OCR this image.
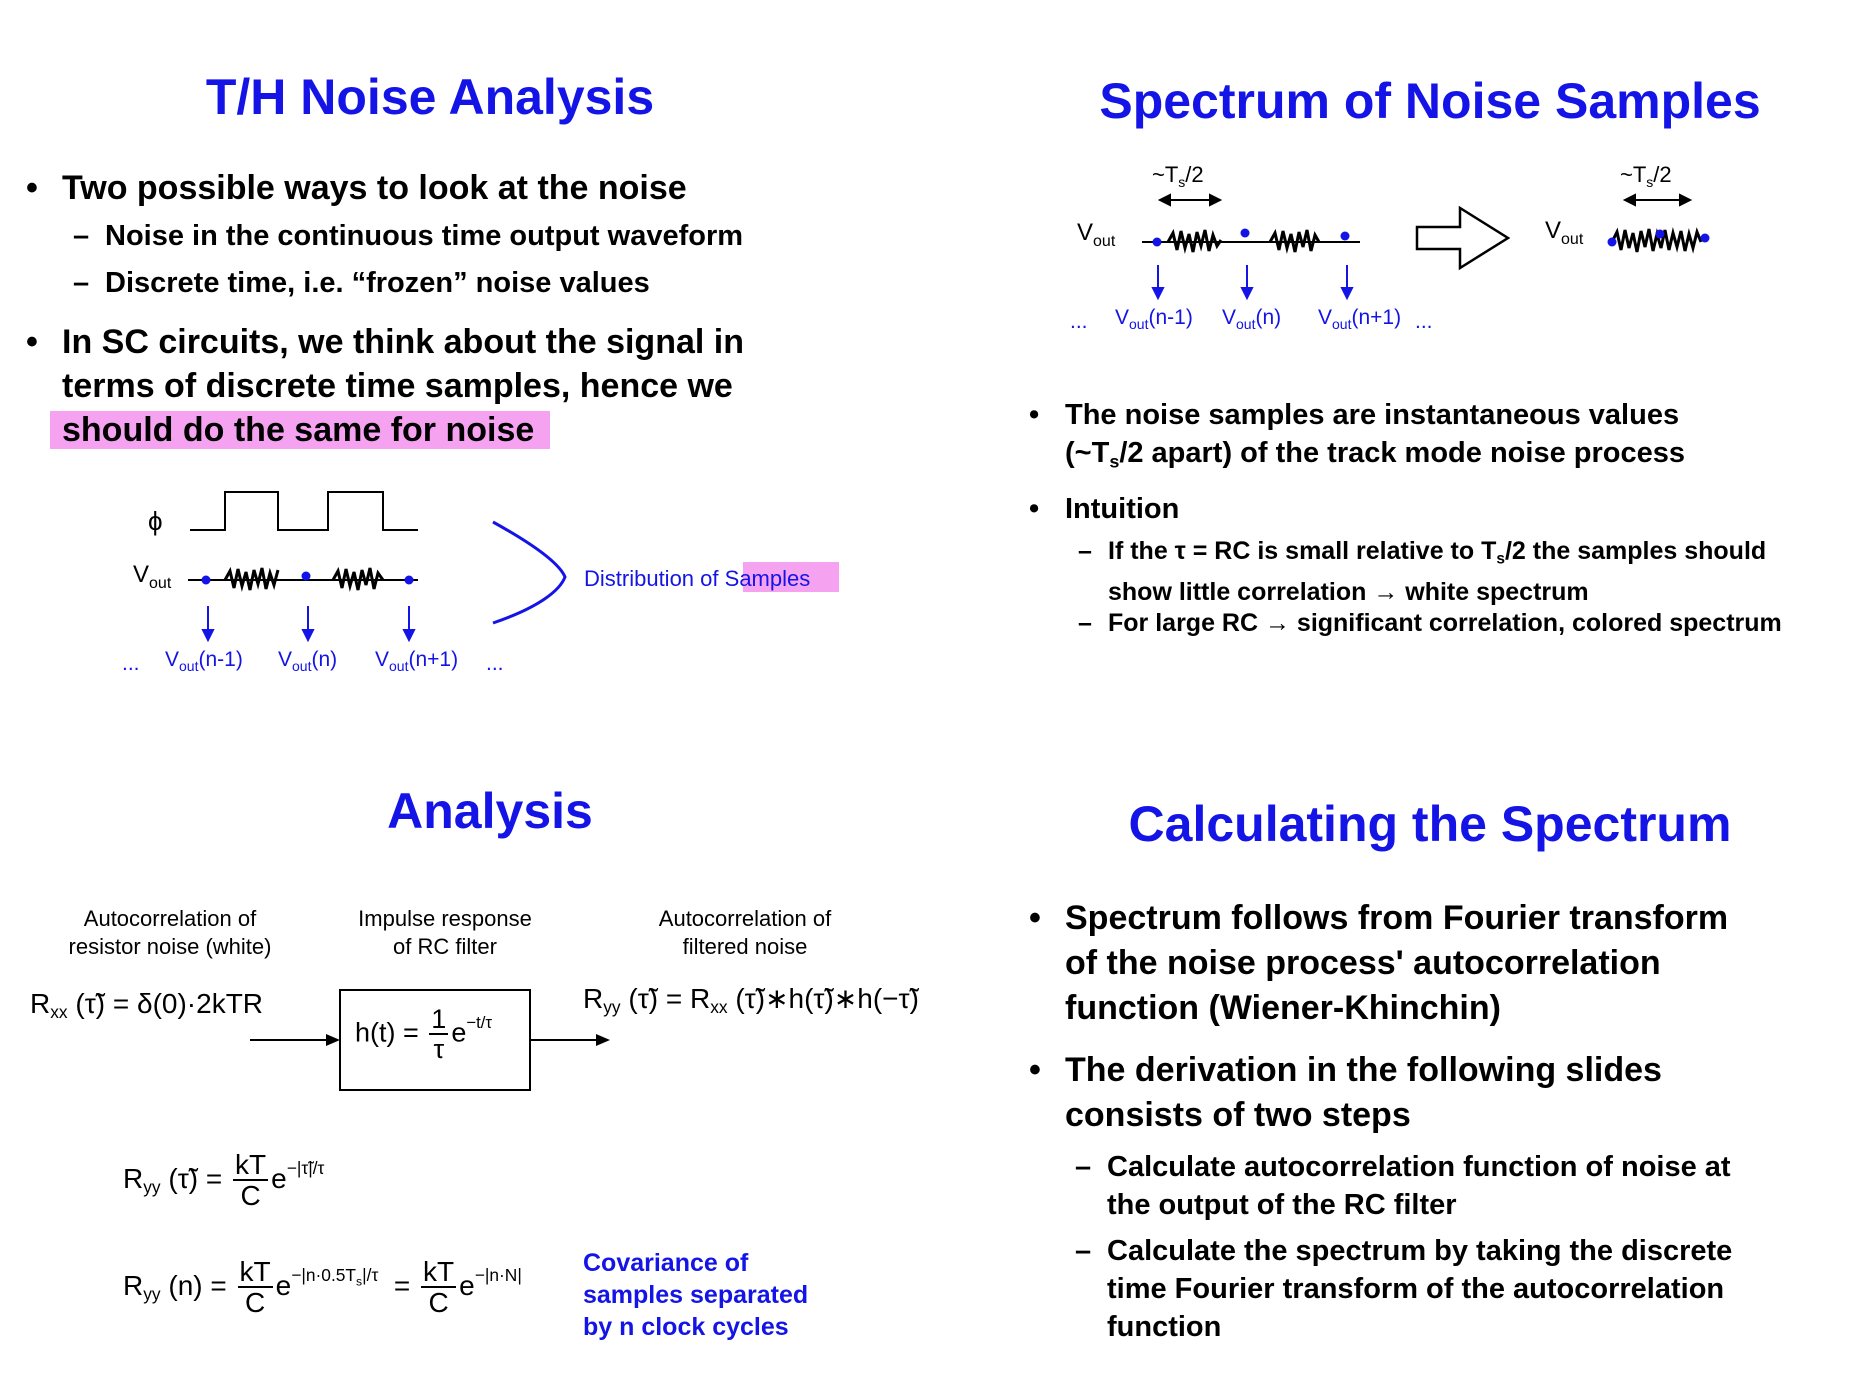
T/H Noise Analysis
• Two possible ways to look at the noise
– Noise in the continuous time output waveform
– Discrete time, i.e. “frozen” noise values
• In SC circuits, we think about the signal in
terms of discrete time samples, hence we
should do the same for noise
ϕ
$V_{out}$
... $V_{out}(n-1)$ $V_{out}(n)$ $V_{out}(n+1)$ ...
Distribution of Samples
Spectrum of Noise Samples
$\sim T_s/2$	$\sim T_s/2$
$V_{out}$
... $V_{out}(n-1)$ $V_{out}(n)$ $V_{out}(n+1)$ ...
$V_{out}$
• The noise samples are instantaneous values
($\sim T_s/2$ apart) of the track mode noise process
• Intuition
– If the τ = RC is small relative to $T_s/2$ the samples should
show little correlation → white spectrum
– For large RC → significant correlation, colored spectrum
Analysis
Autocorrelation of
resistor noise (white)
Impulse response
of RC filter
Autocorrelation of
filtered noise
$R_{xx}$ (τ̃) = δ(0)·2kTR	$R_{yy}$ (τ̃) = $R_{xx}$ (τ̃)∗h(τ̃)∗h(−τ̃)
$h(t) = \frac{1}{\tau} e^{-t/\tau}$
$R_{yy}$ (τ̃) = $\frac{kT}{C} e^{-|\taũ|/\tau}$
$R_{yy}$ $(n) = \frac{kT}{C} e^{-|n\cdot 0.5T_s|/\tau} = \frac{kT}{C} e^{-|n\cdot N|}$ Covariance of
samples separated
by n clock cycles
Calculating the Spectrum
• Spectrum follows from Fourier transform
of the noise process' autocorrelation
function (Wiener-Khinchin)
• The derivation in the following slides
consists of two steps
– Calculate autocorrelation function of noise at
the output of the RC filter
– Calculate the spectrum by taking the discrete
time Fourier transform of the autocorrelation
function
